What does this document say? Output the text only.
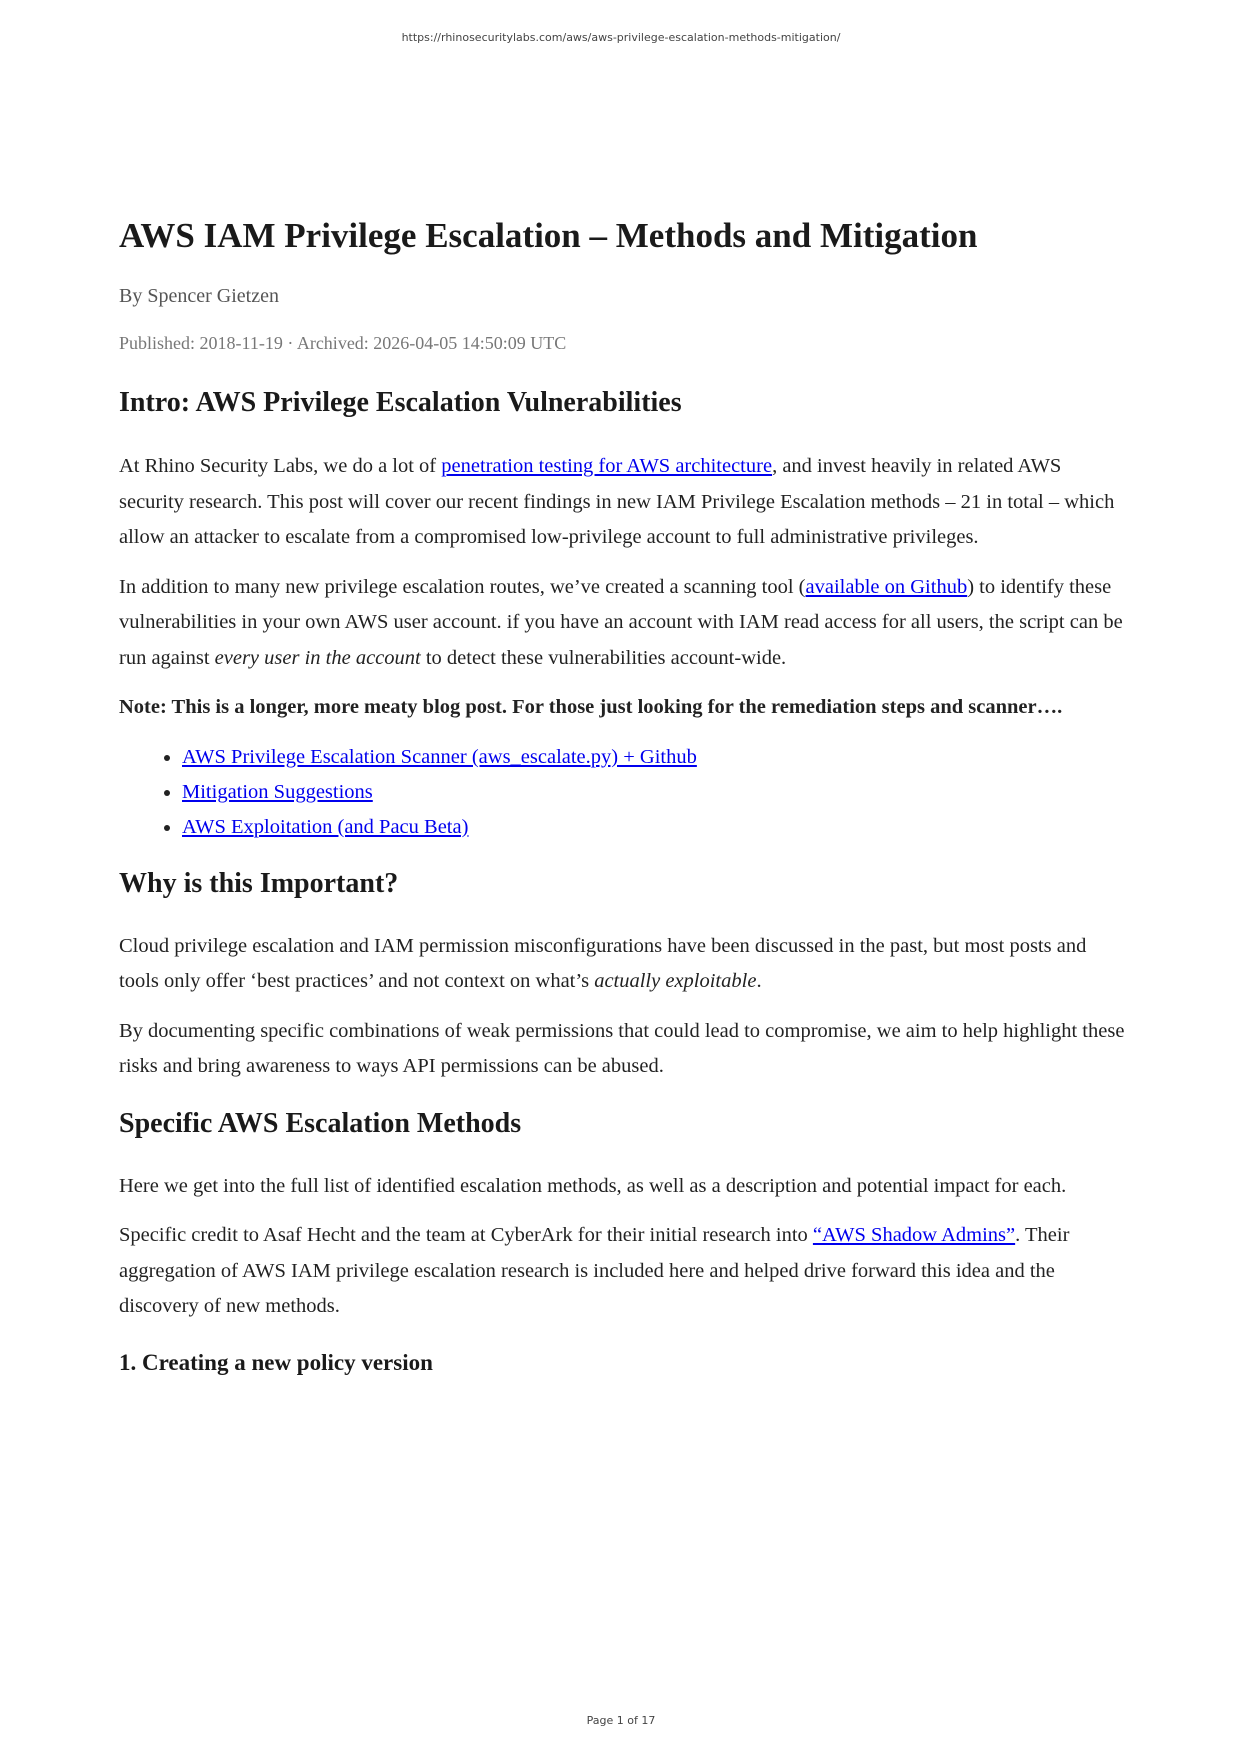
https://rhinosecuritylabs.com/aws/aws-privilege-escalation-methods-mitigation/
AWS IAM Privilege Escalation – Methods and Mitigation
By Spencer Gietzen
Published: 2018-11-19 · Archived: 2026-04-05 14:50:09 UTC
Intro: AWS Privilege Escalation Vulnerabilities

At Rhino Security Labs, we do a lot of penetration testing for AWS architecture, and invest heavily in related AWS security research. This post will cover our recent findings in new IAM Privilege Escalation methods – 21 in total – which allow an attacker to escalate from a compromised low-privilege account to full administrative privileges.

In addition to many new privilege escalation routes, we’ve created a scanning tool (available on Github) to identify these vulnerabilities in your own AWS user account. if you have an account with IAM read access for all users, the script can be run against every user in the account to detect these vulnerabilities account-wide.

Note: This is a longer, more meaty blog post. For those just looking for the remediation steps and scanner….

• AWS Privilege Escalation Scanner (aws_escalate.py) + Github
• Mitigation Suggestions
• AWS Exploitation (and Pacu Beta)
Why is this Important?

Cloud privilege escalation and IAM permission misconfigurations have been discussed in the past, but most posts and tools only offer ‘best practices’ and not context on what’s actually exploitable.

By documenting specific combinations of weak permissions that could lead to compromise, we aim to help highlight these risks and bring awareness to ways API permissions can be abused.

Specific AWS Escalation Methods

Here we get into the full list of identified escalation methods, as well as a description and potential impact for each.

Specific credit to Asaf Hecht and the team at CyberArk for their initial research into “AWS Shadow Admins”. Their aggregation of AWS IAM privilege escalation research is included here and helped drive forward this idea and the discovery of new methods.

1. Creating a new policy version
Page 1 of 17
